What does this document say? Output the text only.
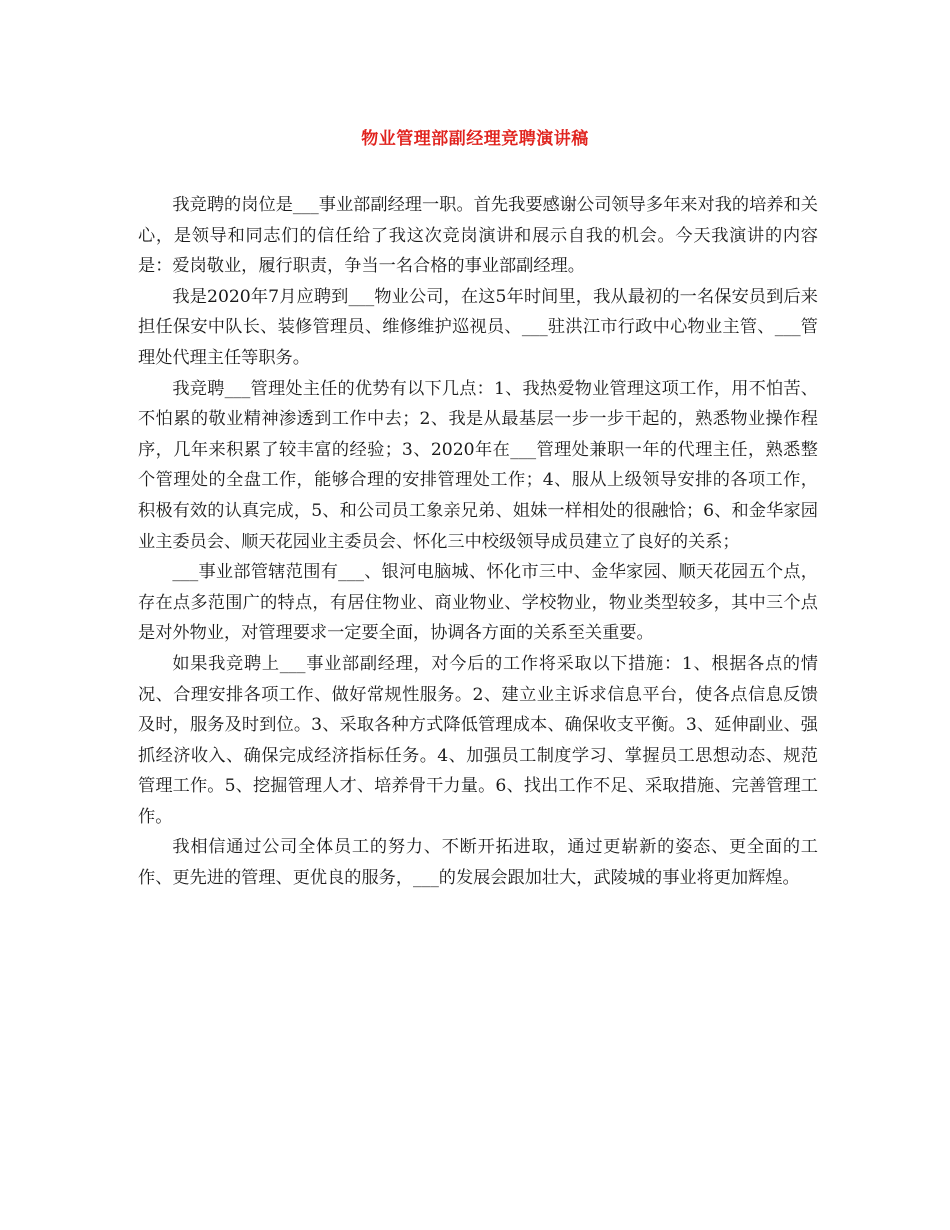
物业管理部副经理竞聘演讲稿

我竞聘的岗位是___事业部副经理一职。首先我要感谢公司领导多年来对我的培养和关心，是领导和同志们的信任给了我这次竞岗演讲和展示自我的机会。今天我演讲的内容是：爱岗敬业，履行职责，争当一名合格的事业部副经理。

我是2020年7月应聘到___物业公司，在这5年时间里，我从最初的一名保安员到后来担任保安中队长、装修管理员、维修维护巡视员、___驻洪江市行政中心物业主管、___管理处代理主任等职务。

我竞聘___管理处主任的优势有以下几点：1、我热爱物业管理这项工作，用不怕苦、不怕累的敬业精神渗透到工作中去；2、我是从最基层一步一步干起的，熟悉物业操作程序，几年来积累了较丰富的经验；3、2020年在___管理处兼职一年的代理主任，熟悉整个管理处的全盘工作，能够合理的安排管理处工作；4、服从上级领导安排的各项工作，积极有效的认真完成，5、和公司员工象亲兄弟、姐妹一样相处的很融恰；6、和金华家园业主委员会、顺天花园业主委员会、怀化三中校级领导成员建立了良好的关系；

___事业部管辖范围有___、银河电脑城、怀化市三中、金华家园、顺天花园五个点，存在点多范围广的特点，有居住物业、商业物业、学校物业，物业类型较多，其中三个点是对外物业，对管理要求一定要全面，协调各方面的关系至关重要。

如果我竞聘上___事业部副经理，对今后的工作将采取以下措施：1、根据各点的情况、合理安排各项工作、做好常规性服务。2、建立业主诉求信息平台，使各点信息反馈及时，服务及时到位。3、采取各种方式降低管理成本、确保收支平衡。3、延伸副业、强抓经济收入、确保完成经济指标任务。4、加强员工制度学习、掌握员工思想动态、规范管理工作。5、挖掘管理人才、培养骨干力量。6、找出工作不足、采取措施、完善管理工作。

我相信通过公司全体员工的努力、不断开拓进取，通过更崭新的姿态、更全面的工作、更先进的管理、更优良的服务，___的发展会跟加壮大，武陵城的事业将更加辉煌。
